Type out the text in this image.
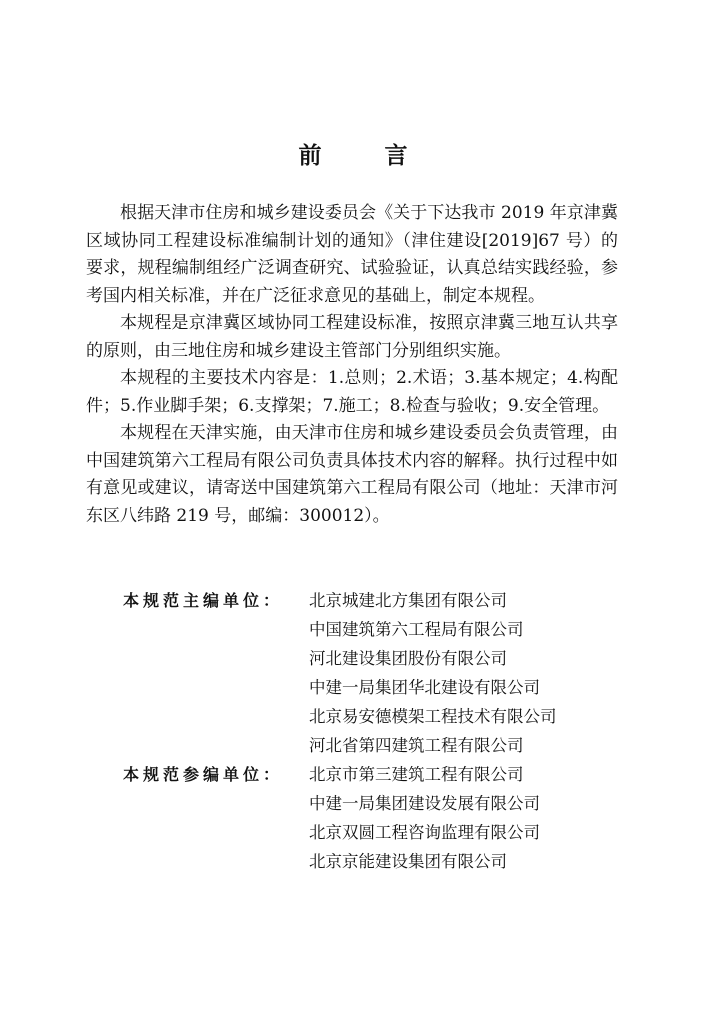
前　言

根据天津市住房和城乡建设委员会《关于下达我市 2019 年京津冀区域协同工程建设标准编制计划的通知》（津住建设[2019]67 号）的要求，规程编制组经广泛调查研究、试验验证，认真总结实践经验，参考国内相关标准，并在广泛征求意见的基础上，制定本规程。

本规程是京津冀区域协同工程建设标准，按照京津冀三地互认共享的原则，由三地住房和城乡建设主管部门分别组织实施。

本规程的主要技术内容是：1.总则；2.术语；3.基本规定；4.构配件；5.作业脚手架；6.支撑架；7.施工；8.检查与验收；9.安全管理。

本规程在天津实施，由天津市住房和城乡建设委员会负责管理，由中国建筑第六工程局有限公司负责具体技术内容的解释。执行过程中如有意见或建议，请寄送中国建筑第六工程局有限公司（地址：天津市河东区八纬路 219 号，邮编：300012）。

本规范主编单位：	北京城建北方集团有限公司
中国建筑第六工程局有限公司
河北建设集团股份有限公司
中建一局集团华北建设有限公司
北京易安德模架工程技术有限公司
河北省第四建筑工程有限公司
本规范参编单位：	北京市第三建筑工程有限公司
中建一局集团建设发展有限公司
北京双圆工程咨询监理有限公司
北京京能建设集团有限公司
